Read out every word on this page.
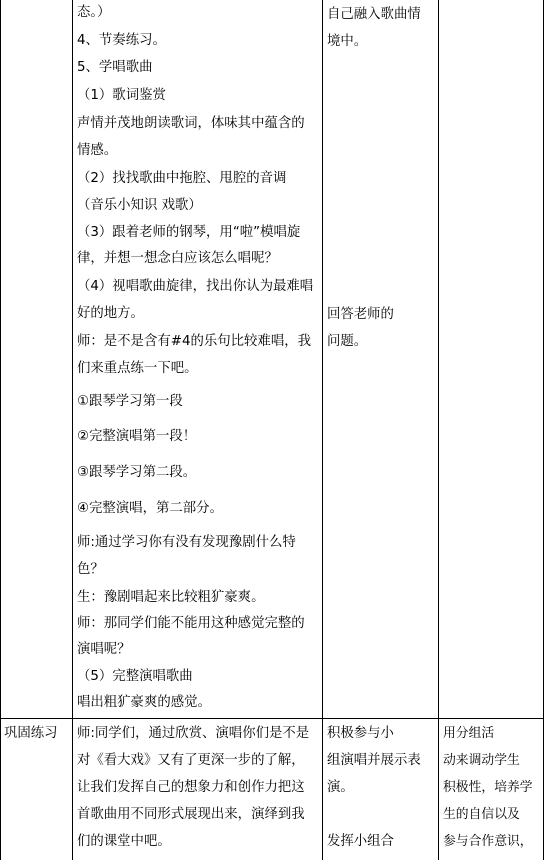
态。）
4、节奏练习。
5、学唱歌曲
（1）歌词鉴赏
声情并茂地朗读歌词，体味其中蕴含的
情感。
（2）找找歌曲中拖腔、甩腔的音调
（音乐小知识 戏歌）
（3）跟着老师的钢琴，用“啦”模唱旋
律，并想一想念白应该怎么唱呢？
（4）视唱歌曲旋律，找出你认为最难唱
好的地方。
师：是不是含有#4的乐句比较难唱，我
们来重点练一下吧。
①跟琴学习第一段
②完整演唱第一段！
③跟琴学习第二段。
④完整演唱，第二部分。
师:通过学习你有没有发现豫剧什么特
色？
生：豫剧唱起来比较粗犷豪爽。
师：那同学们能不能用这种感觉完整的
演唱呢？
（5）完整演唱歌曲
唱出粗犷豪爽的感觉。
自己融入歌曲情
境中。
回答老师的
问题。
巩固练习 师:同学们，通过欣赏、演唱你们是不是
对《看大戏》又有了更深一步的了解，
让我们发挥自己的想象力和创作力把这
首歌曲用不同形式展现出来，演绎到我
们的课堂中吧。
积极参与小
组演唱并展示表
演。
发挥小组合
用分组活
动来调动学生
积极性，培养学
生的自信以及
参与合作意识，
